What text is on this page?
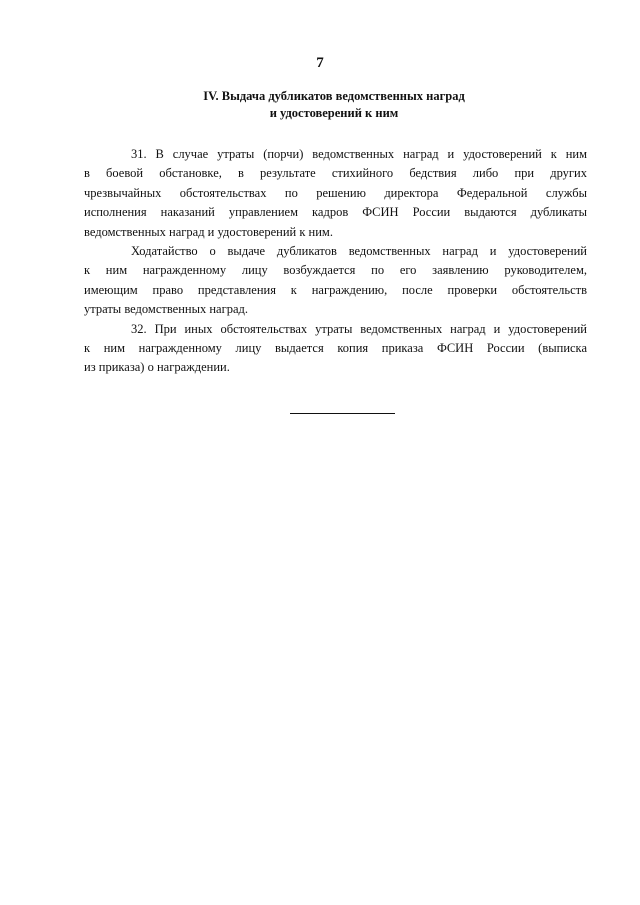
7
IV. Выдача дубликатов ведомственных наград
и удостоверений к ним

31. В случае утраты (порчи) ведомственных наград и удостоверений к ним
в боевой обстановке, в результате стихийного бедствия либо при других
чрезвычайных обстоятельствах по решению директора Федеральной службы
исполнения наказаний управлением кадров ФСИН России выдаются дубликаты
ведомственных наград и удостоверений к ним.

Ходатайство о выдаче дубликатов ведомственных наград и удостоверений
к ним награжденному лицу возбуждается по его заявлению руководителем,
имеющим право представления к награждению, после проверки обстоятельств
утраты ведомственных наград.

32. При иных обстоятельствах утраты ведомственных наград и удостоверений
к ним награжденному лицу выдается копия приказа ФСИН России (выписка
из приказа) о награждении.
